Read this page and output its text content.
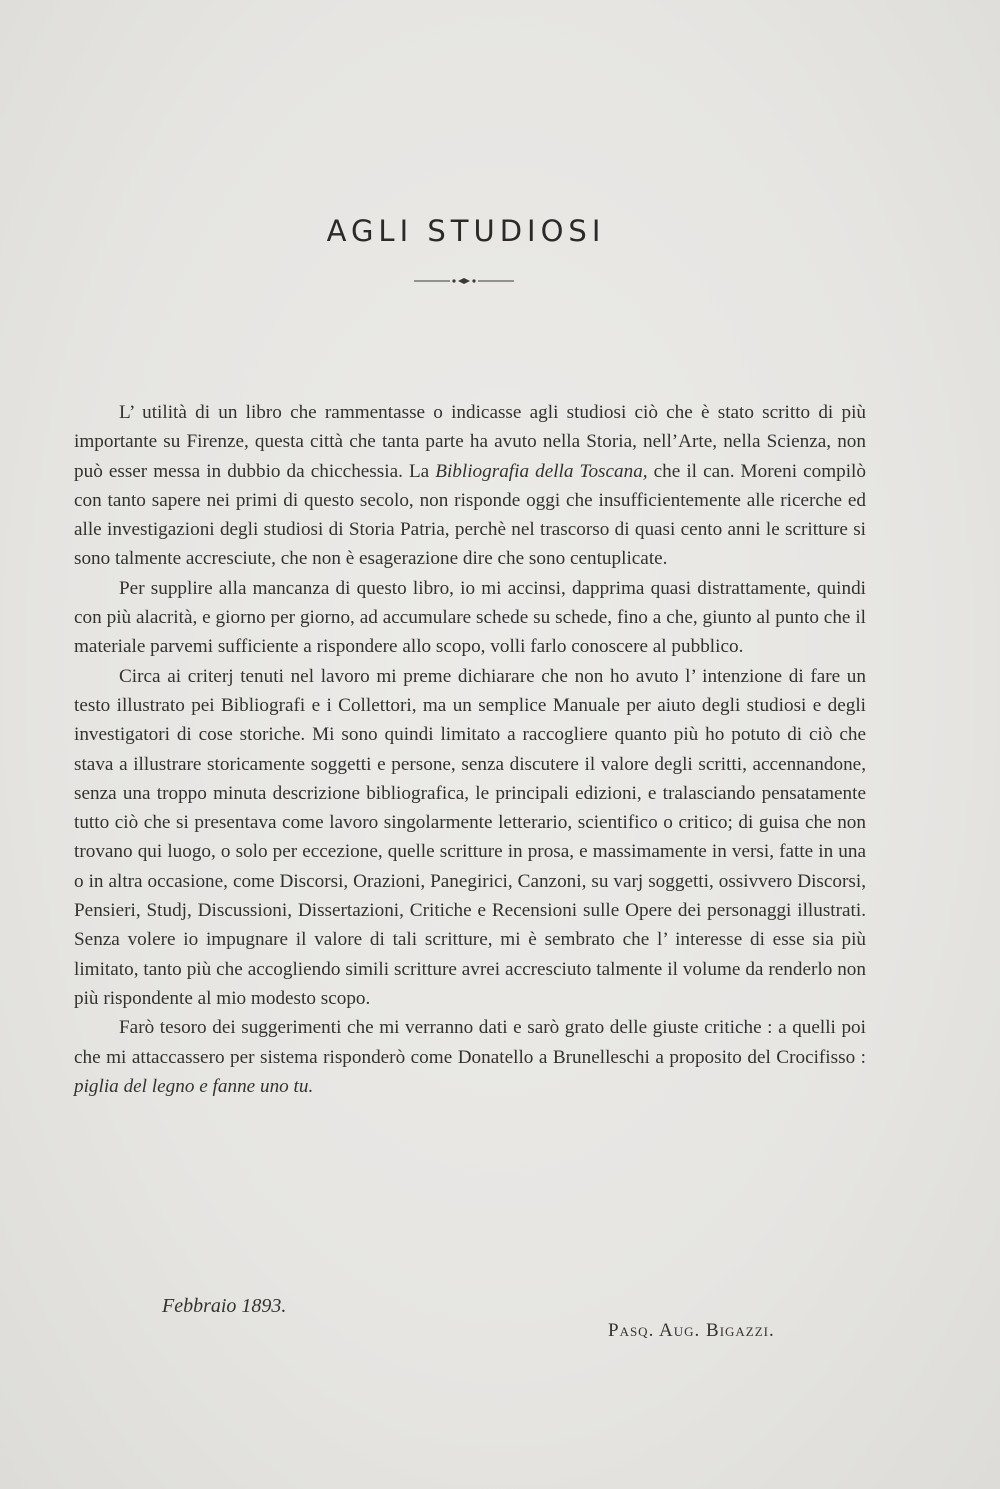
AGLI STUDIOSI

L’ utilità di un libro che rammentasse o indicasse agli studiosi ciò che è stato scritto di più importante su Firenze, questa città che tanta parte ha avuto nella Storia, nell’Arte, nella Scienza, non può esser messa in dubbio da chicchessia. La Bibliografia della Toscana, che il can. Moreni compilò con tanto sapere nei primi di questo secolo, non risponde oggi che insufficientemente alle ricerche ed alle investigazioni degli studiosi di Storia Patria, perchè nel trascorso di quasi cento anni le scritture si sono talmente accresciute, che non è esagerazione dire che sono centuplicate.

Per supplire alla mancanza di questo libro, io mi accinsi, dapprima quasi distrattamente, quindi con più alacrità, e giorno per giorno, ad accumulare schede su schede, fino a che, giunto al punto che il materiale parvemi sufficiente a rispondere allo scopo, volli farlo conoscere al pubblico.

Circa ai criterj tenuti nel lavoro mi preme dichiarare che non ho avuto l’ intenzione di fare un testo illustrato pei Bibliografi e i Collettori, ma un semplice Manuale per aiuto degli studiosi e degli investigatori di cose storiche. Mi sono quindi limitato a raccogliere quanto più ho potuto di ciò che stava a illustrare storicamente soggetti e persone, senza discutere il valore degli scritti, accennandone, senza una troppo minuta descrizione bibliografica, le principali edizioni, e tralasciando pensatamente tutto ciò che si presentava come lavoro singolarmente letterario, scientifico o critico; di guisa che non trovano qui luogo, o solo per eccezione, quelle scritture in prosa, e massimamente in versi, fatte in una o in altra occasione, come Discorsi, Orazioni, Panegirici, Canzoni, su varj soggetti, ossivvero Discorsi, Pensieri, Studj, Discussioni, Dissertazioni, Critiche e Recensioni sulle Opere dei personaggi illustrati. Senza volere io impugnare il valore di tali scritture, mi è sembrato che l’ interesse di esse sia più limitato, tanto più che accogliendo simili scritture avrei accresciuto talmente il volume da renderlo non più rispondente al mio modesto scopo.

Farò tesoro dei suggerimenti che mi verranno dati e sarò grato delle giuste critiche : a quelli poi che mi attaccassero per sistema risponderò come Donatello a Brunelleschi a proposito del Crocifisso : piglia del legno e fanne uno tu.

Febbraio 1893.
Pasq. Aug. Bigazzi.
